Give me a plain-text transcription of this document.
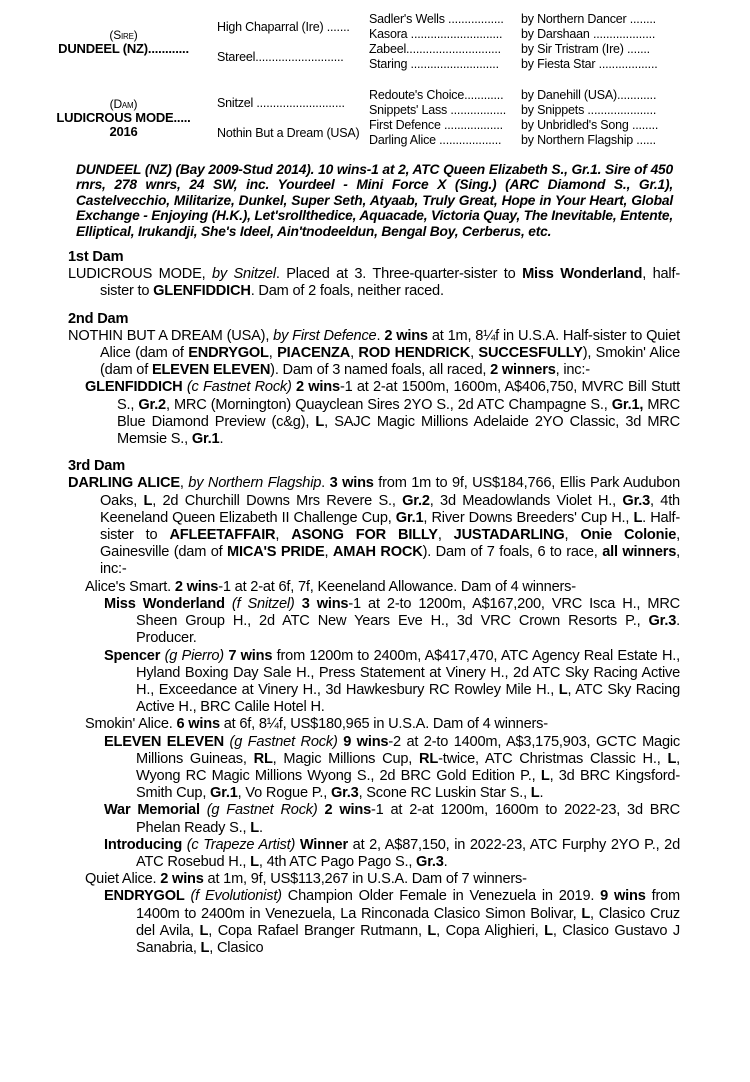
(Sire)
DUNDEEL (NZ)............
(Dam)
LUDICROUS MODE.....
2016
High Chaparral (Ire) .......
Stareel...........................
Snitzel ...........................
Nothin But a Dream (USA)
Sadler's Wells .................
Kasora ............................
Zabeel.............................
Staring ...........................
Redoute's Choice............
Snippets' Lass .................
First Defence ..................
Darling Alice ...................
by Northern Dancer ........
by Darshaan ...................
by Sir Tristram (Ire) .......
by Fiesta Star ..................
by Danehill (USA)............
by Snippets .....................
by Unbridled's Song ........
by Northern Flagship ......
DUNDEEL (NZ) (Bay 2009-Stud 2014). 10 wins-1 at 2, ATC Queen Elizabeth S., Gr.1. Sire of 450 rnrs, 278 wnrs, 24 SW, inc. Yourdeel - Mini Force X (Sing.) (ARC Diamond S., Gr.1), Castelvecchio, Militarize, Dunkel, Super Seth, Atyaab, Truly Great, Hope in Your Heart, Global Exchange - Enjoying (H.K.), Let'srollthedice, Aquacade, Victoria Quay, The Inevitable, Entente, Elliptical, Irukandji, She's Ideel, Ain'tnodeeldun, Bengal Boy, Cerberus, etc.
1st Dam
LUDICROUS MODE, by Snitzel. Placed at 3. Three-quarter-sister to Miss Wonderland, half-sister to GLENFIDDICH. Dam of 2 foals, neither raced.
2nd Dam
NOTHIN BUT A DREAM (USA), by First Defence. 2 wins at 1m, 8¼f in U.S.A. Half-sister to Quiet Alice (dam of ENDRYGOL, PIACENZA, ROD HENDRICK, SUCCESFULLY), Smokin' Alice (dam of ELEVEN ELEVEN). Dam of 3 named foals, all raced, 2 winners, inc:-
GLENFIDDICH (c Fastnet Rock) 2 wins-1 at 2-at 1500m, 1600m, A$406,750, MVRC Bill Stutt S., Gr.2, MRC (Mornington) Quayclean Sires 2YO S., 2d ATC Champagne S., Gr.1, MRC Blue Diamond Preview (c&g), L, SAJC Magic Millions Adelaide 2YO Classic, 3d MRC Memsie S., Gr.1.
3rd Dam
DARLING ALICE, by Northern Flagship. 3 wins from 1m to 9f, US$184,766, Ellis Park Audubon Oaks, L, 2d Churchill Downs Mrs Revere S., Gr.2, 3d Meadowlands Violet H., Gr.3, 4th Keeneland Queen Elizabeth II Challenge Cup, Gr.1, River Downs Breeders' Cup H., L. Half-sister to AFLEETAFFAIR, ASONG FOR BILLY, JUSTADARLING, Onie Colonie, Gainesville (dam of MICA'S PRIDE, AMAH ROCK). Dam of 7 foals, 6 to race, all winners, inc:-
Alice's Smart. 2 wins-1 at 2-at 6f, 7f, Keeneland Allowance. Dam of 4 winners-
Miss Wonderland (f Snitzel) 3 wins-1 at 2-to 1200m, A$167,200, VRC Isca H., MRC Sheen Group H., 2d ATC New Years Eve H., 3d VRC Crown Resorts P., Gr.3. Producer.
Spencer (g Pierro) 7 wins from 1200m to 2400m, A$417,470, ATC Agency Real Estate H., Hyland Boxing Day Sale H., Press Statement at Vinery H., 2d ATC Sky Racing Active H., Exceedance at Vinery H., 3d Hawkesbury RC Rowley Mile H., L, ATC Sky Racing Active H., BRC Calile Hotel H.
Smokin' Alice. 6 wins at 6f, 8¼f, US$180,965 in U.S.A. Dam of 4 winners-
ELEVEN ELEVEN (g Fastnet Rock) 9 wins-2 at 2-to 1400m, A$3,175,903, GCTC Magic Millions Guineas, RL, Magic Millions Cup, RL-twice, ATC Christmas Classic H., L, Wyong RC Magic Millions Wyong S., 2d BRC Gold Edition P., L, 3d BRC Kingsford-Smith Cup, Gr.1, Vo Rogue P., Gr.3, Scone RC Luskin Star S., L.
War Memorial (g Fastnet Rock) 2 wins-1 at 2-at 1200m, 1600m to 2022-23, 3d BRC Phelan Ready S., L.
Introducing (c Trapeze Artist) Winner at 2, A$87,150, in 2022-23, ATC Furphy 2YO P., 2d ATC Rosebud H., L, 4th ATC Pago Pago S., Gr.3.
Quiet Alice. 2 wins at 1m, 9f, US$113,267 in U.S.A. Dam of 7 winners-
ENDRYGOL (f Evolutionist) Champion Older Female in Venezuela in 2019. 9 wins from 1400m to 2400m in Venezuela, La Rinconada Clasico Simon Bolivar, L, Clasico Cruz del Avila, L, Copa Rafael Branger Rutmann, L, Copa Alighieri, L, Clasico Gustavo J Sanabria, L, Clasico
